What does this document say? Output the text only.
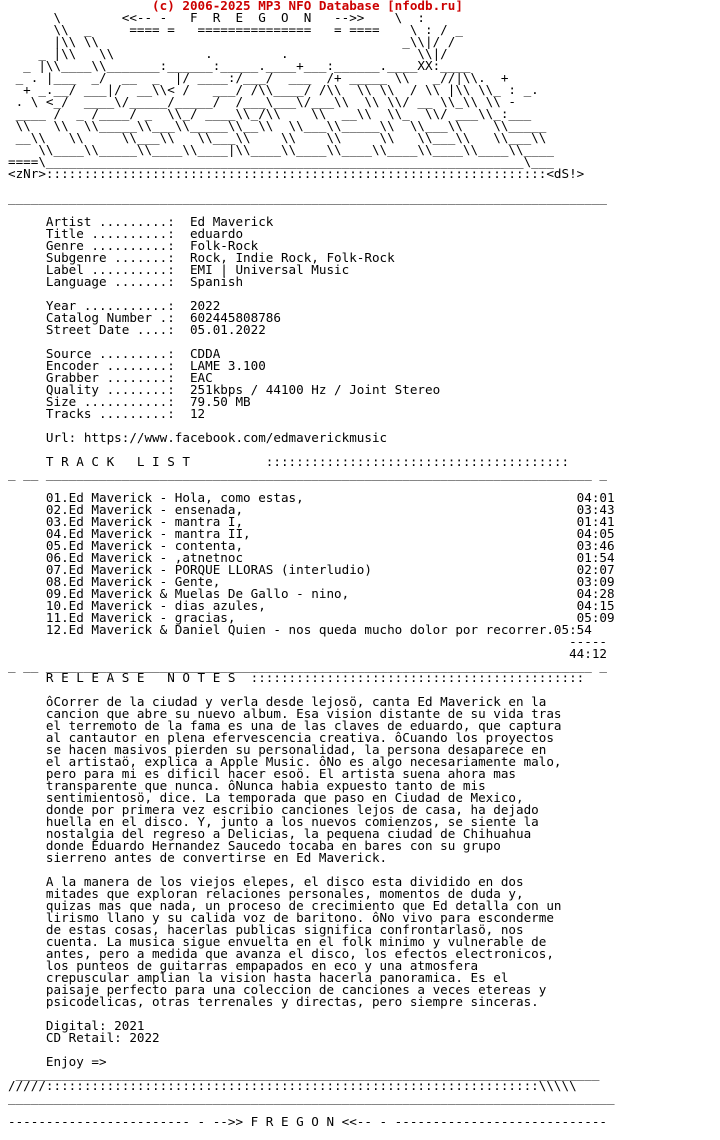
(c) 2006-2025 MP3 NFO Database [nfodb.ru]
\        <<-- -   F  R  E  G  O  N   -->>    \  :
\\  _     ==== =   ===============   = ====    \ : / _
|\\ \\                                        _\\|/ /
_ |\\   \\            .         .                 \\|/
_ |\\____\\_______:______:_____.____+___:______.____XX:____
_ . |___  _/  __  _  |/ ____:/___/  ___  /+ _____ \\   _//|\\.  +
+ _.__/ ___|/  __\\< /   ___/ /\\____/ /\\  \\ \\  / \\ |\\ \\_ : _.
. \ <_/  ____\/_____/_____/  /___\___\/___\\  \\ \\/ __ \\_\\ \\ -
____ /  _ /____/ _  \\_/ ____\\_/\\    \\  __\\  \\_  \\/ ___\\_:___
\\   \\  \\_____\\___\\_____\\__\\  \\___\\_____\\  \\___\\    \\_____
__\\   \\     \\___\\   \\___\\    \\    \\     \\   \\___\\   \\___\\
\\____\\_____\\____\\____|\\____\\____\\____\\____\\____\\____\\____
====\_______________________________________________________________\___
<zNr>::::::::::::::::::::::::::::::::::::::::::::::::::::::::::::::::::<dS!>

_______________________________________________________________________________

Artist .........:  Ed Maverick
Title ..........:  eduardo
Genre ..........:  Folk-Rock
Subgenre .......:  Rock, Indie Rock, Folk-Rock
Label ..........:  EMI | Universal Music
Language .......:  Spanish

Year ...........:  2022
Catalog Number .:  602445808786
Street Date ....:  05.01.2022

Source .........:  CDDA
Encoder ........:  LAME 3.100
Grabber ........:  EAC
Quality ........:  251kbps / 44100 Hz / Joint Stereo
Size ...........:  79.50 MB
Tracks .........:  12

Url: https://www.facebook.com/edmaverickmusic

T R A C K   L I S T          ::::::::::::::::::::::::::::::::::::::::
_ __ ________________________________________________________________________ _

01.Ed Maverick - Hola, como estas,                                    04:01
02.Ed Maverick - ensenada,                                            03:43
03.Ed Maverick - mantra I,                                            01:41
04.Ed Maverick - mantra II,                                           04:05
05.Ed Maverick - contenta,                                            03:46
06.Ed Maverick - ,atnetnoc                                            01:54
07.Ed Maverick - PORQUE LLORAS (interludio)                           02:07
08.Ed Maverick - Gente,                                               03:09
09.Ed Maverick & Muelas De Gallo - nino,                              04:28
10.Ed Maverick - dias azules,                                         04:15
11.Ed Maverick - gracias,                                             05:09
12.Ed Maverick & Daniel Quien - nos queda mucho dolor por recorrer.05:54
-----
44:12
_ __ ________________________________________________________________________ _
R E L E A S E   N O T E S  ::::::::::::::::::::::::::::::::::::::::::::

ôCorrer de la ciudad y verla desde lejosö, canta Ed Maverick en la
cancion que abre su nuevo album. Esa vision distante de su vida tras
el terremoto de la fama es una de las claves de eduardo, que captura
al cantautor en plena efervescencia creativa. ôCuando los proyectos
se hacen masivos pierden su personalidad, la persona desaparece en
el artistaö, explica a Apple Music. ôNo es algo necesariamente malo,
pero para mi es dificil hacer esoö. El artista suena ahora mas
transparente que nunca. ôNunca habia expuesto tanto de mis
sentimientosö, dice. La temporada que paso en Ciudad de Mexico,
donde por primera vez escribio canciones lejos de casa, ha dejado
huella en el disco. Y, junto a los nuevos comienzos, se siente la
nostalgia del regreso a Delicias, la pequena ciudad de Chihuahua
donde Eduardo Hernandez Saucedo tocaba en bares con su grupo
sierreno antes de convertirse en Ed Maverick.

A la manera de los viejos elepes, el disco esta dividido en dos
mitades que exploran relaciones personales, momentos de duda y,
quizas mas que nada, un proceso de crecimiento que Ed detalla con un
lirismo llano y su calida voz de baritono. ôNo vivo para esconderme
de estas cosas, hacerlas publicas significa confrontarlasö, nos
cuenta. La musica sigue envuelta en el folk minimo y vulnerable de
antes, pero a medida que avanza el disco, los efectos electronicos,
los punteos de guitarras empapados en eco y una atmosfera
crepuscular amplian la vision hasta hacerla panoramica. Es el
paisaje perfecto para una coleccion de canciones a veces etereas y
psicodelicas, otras terrenales y directas, pero siempre sinceras.

Digital: 2021
CD Retail: 2022

Enjoy =>
_____________________________________________________________________________
/////:::::::::::::::::::::::::::::::::::::::::::::::::::::::::::::::::\\\\\
________________________________________________________________________________

------------------------ - -->> F R E G O N <<-- - ----------------------------
